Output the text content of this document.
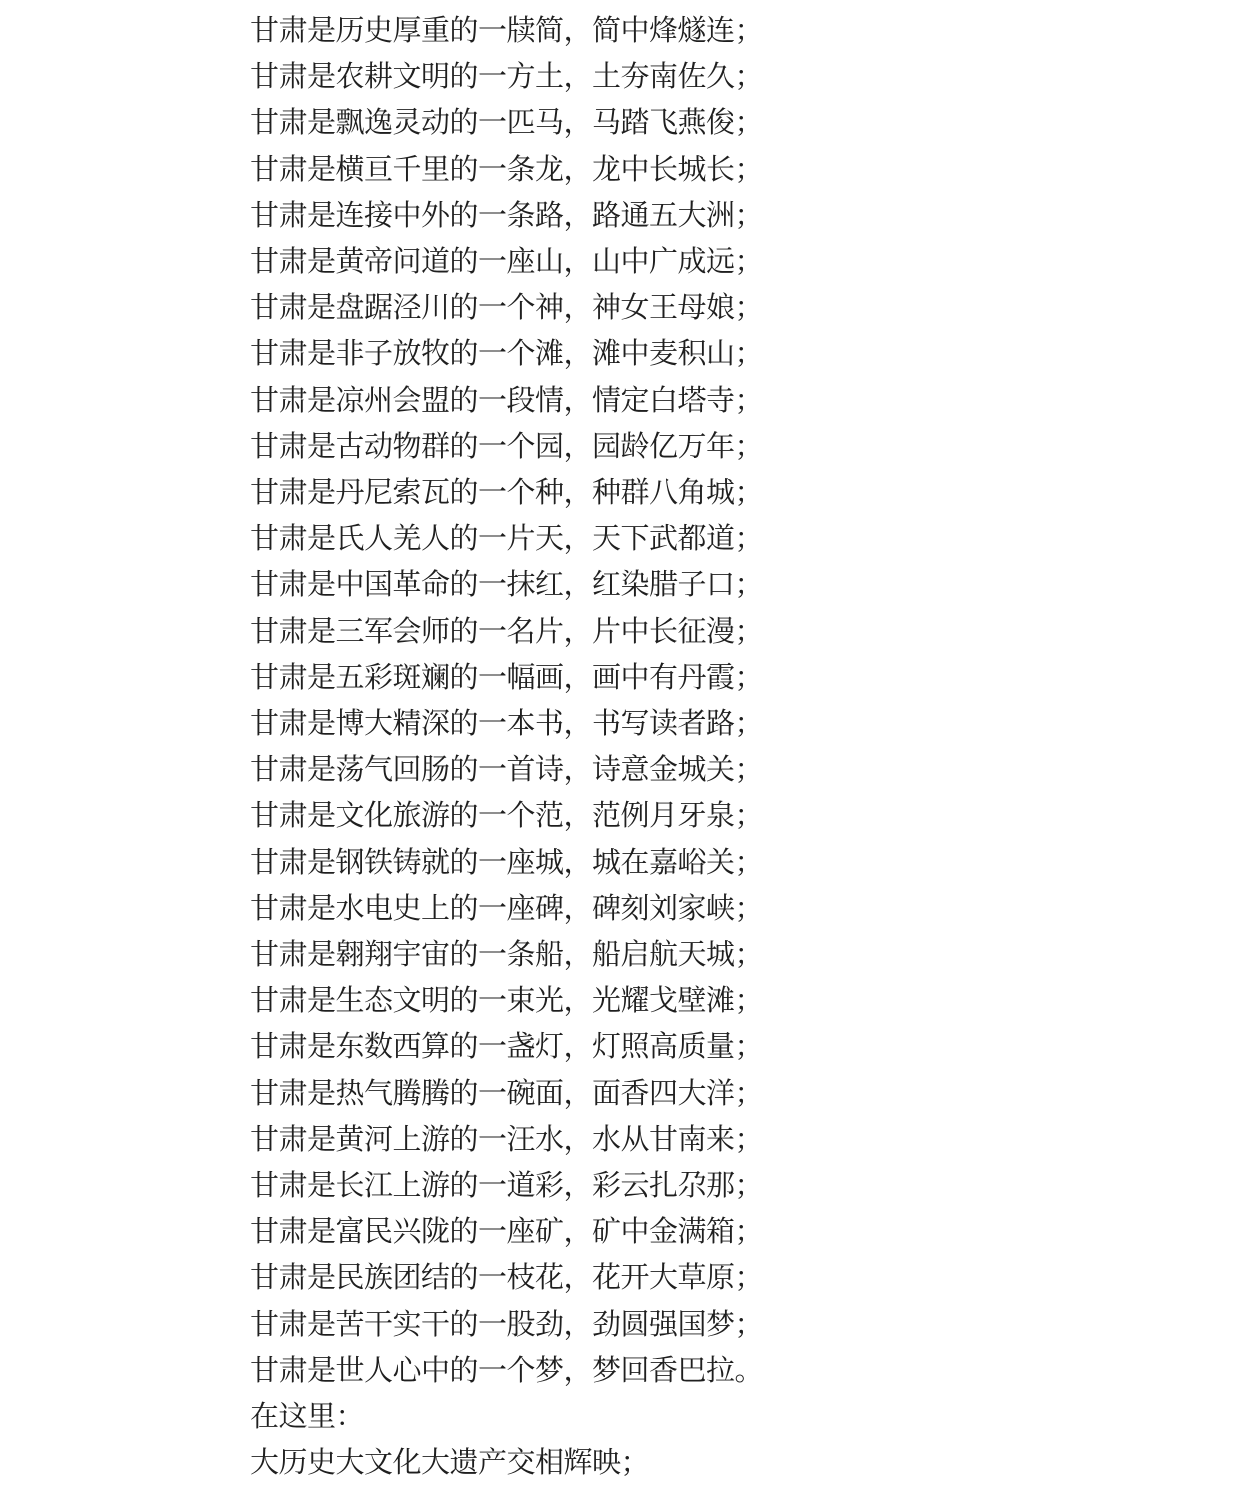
甘肃是历史厚重的一牍简，简中烽燧连；

甘肃是农耕文明的一方土，土夯南佐久；

甘肃是飘逸灵动的一匹马，马踏飞燕俊；

甘肃是横亘千里的一条龙，龙中长城长；

甘肃是连接中外的一条路，路通五大洲；

甘肃是黄帝问道的一座山，山中广成远；

甘肃是盘踞泾川的一个神，神女王母娘；

甘肃是非子放牧的一个滩，滩中麦积山；

甘肃是凉州会盟的一段情，情定白塔寺；

甘肃是古动物群的一个园，园龄亿万年；

甘肃是丹尼索瓦的一个种，种群八角城；

甘肃是氏人羌人的一片天，天下武都道；

甘肃是中国革命的一抹红，红染腊子口；

甘肃是三军会师的一名片，片中长征漫；

甘肃是五彩斑斓的一幅画，画中有丹霞；

甘肃是博大精深的一本书，书写读者路；

甘肃是荡气回肠的一首诗，诗意金城关；

甘肃是文化旅游的一个范，范例月牙泉；

甘肃是钢铁铸就的一座城，城在嘉峪关；

甘肃是水电史上的一座碑，碑刻刘家峡；

甘肃是翱翔宇宙的一条船，船启航天城；

甘肃是生态文明的一束光，光耀戈壁滩；

甘肃是东数西算的一盏灯，灯照高质量；

甘肃是热气腾腾的一碗面，面香四大洋；

甘肃是黄河上游的一汪水，水从甘南来；

甘肃是长江上游的一道彩，彩云扎尕那；

甘肃是富民兴陇的一座矿，矿中金满箱；

甘肃是民族团结的一枝花，花开大草原；

甘肃是苦干实干的一股劲，劲圆强国梦；

甘肃是世人心中的一个梦，梦回香巴拉。

在这里：

大历史大文化大遗产交相辉映；
